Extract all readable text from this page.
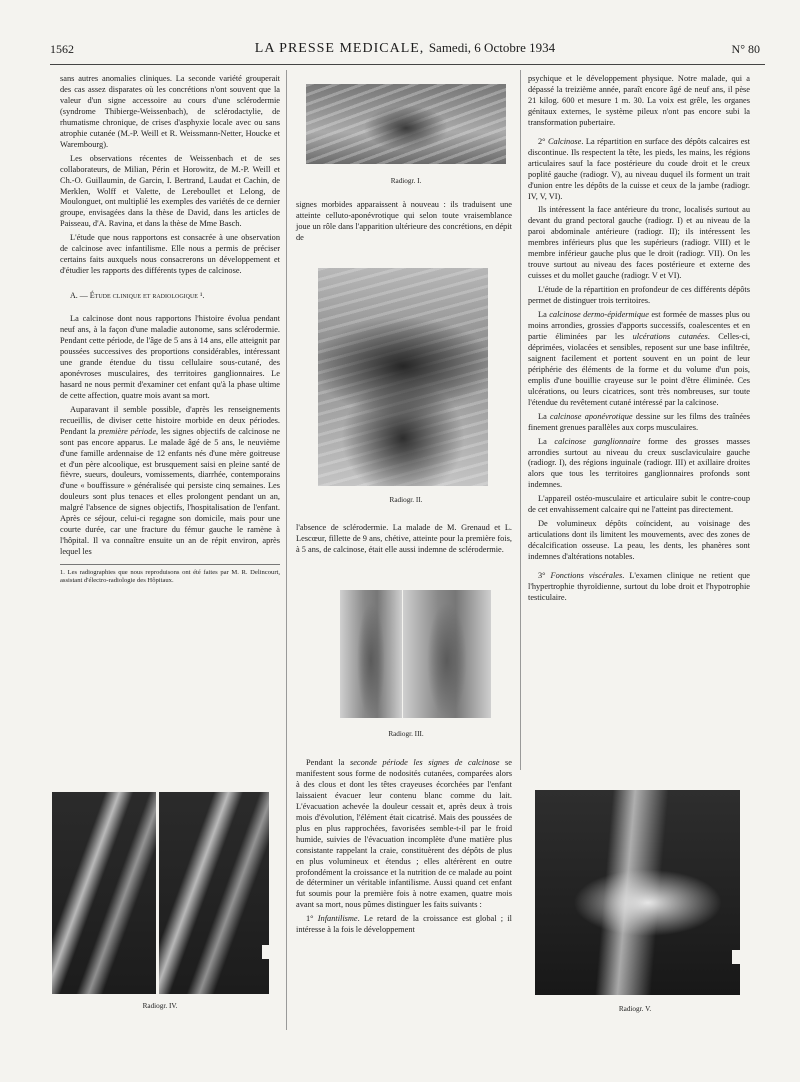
1562	LA PRESSE MEDICALE, Samedi, 6 Octobre 1934	N° 80

sans autres anomalies cliniques. La seconde variété grouperait des cas assez disparates où les concrétions n'ont souvent que la valeur d'un signe accessoire au cours d'une sclérodermie (syndrome Thibierge-Weissenbach), de sclérodactylie, de rhumatisme chronique, de crises d'asphyxie locale avec ou sans atrophie cutanée (M.-P. Weill et R. Weissmann-Netter, Houcke et Warembourg).

Les observations récentes de Weissenbach et de ses collaborateurs, de Milian, Périn et Horowitz, de M.-P. Weill et Ch.-O. Guillaumin, de Garcin, I. Bertrand, Laudat et Cachin, de Merklen, Wolff et Valette, de Lereboullet et Lelong, de Moulonguet, ont multiplié les exemples des variétés de ce dernier groupe, envisagées dans la thèse de David, dans les articles de Paisseau, d'A. Ravina, et dans la thèse de Mme Basch.

L'étude que nous rapportons est consacrée à une observation de calcinose avec infantilisme. Elle nous a permis de préciser certains faits auxquels nous consacrerons un développement et d'étudier les rapports des différents types de calcinose.

A. — Étude clinique et radiologique ¹.

La calcinose dont nous rapportons l'histoire évolua pendant neuf ans, à la façon d'une maladie autonome, sans sclérodermie. Pendant cette période, de l'âge de 5 ans à 14 ans, elle atteignit par poussées successives des proportions considérables, intéressant une grande étendue du tissu cellulaire sous-cutané, des aponévroses musculaires, des territoires ganglionnaires. Le hasard ne nous permit d'examiner cet enfant qu'à la phase ultime de cette affection, quatre mois avant sa mort.

Auparavant il semble possible, d'après les renseignements recueillis, de diviser cette histoire morbide en deux périodes. Pendant la première période, les signes objectifs de calcinose ne sont pas encore apparus. Le malade âgé de 5 ans, le neuvième d'une famille ardennaise de 12 enfants nés d'une mère goitreuse et d'un père alcoolique, est brusquement saisi en pleine santé de fièvre, sueurs, douleurs, vomissements, diarrhée, contemporains d'une « bouffissure » généralisée qui persiste cinq semaines. Les douleurs sont plus tenaces et elles prolongent pendant un an, malgré l'absence de signes objectifs, l'hospitalisation de l'enfant. Après ce séjour, celui-ci regagne son domicile, mais pour une courte durée, car une fracture du fémur gauche le ramène à l'hôpital. Il va connaître ensuite un an de répit environ, après lequel les

1. Les radiographies que nous reproduisons ont été faites par M. R. Delincourt, assistant d'électro-radiologie des Hôpitaux.
Radiogr. I.

signes morbides apparaissent à nouveau : ils traduisent une atteinte celluto-aponévrotique qui selon toute vraisemblance joue un rôle dans l'apparition ultérieure des concrétions, en dépit de

Radiogr. II.

l'absence de sclérodermie. La malade de M. Grenaud et L. Lescœur, fillette de 9 ans, chétive, atteinte pour la première fois, à 5 ans, de calcinose, était elle aussi indemne de sclérodermie.

Radiogr. III.

Pendant la seconde période les signes de calcinose se manifestent sous forme de nodosités cutanées, comparées alors à des clous et dont les têtes crayeuses écorchées par l'enfant laissaient évacuer leur contenu blanc comme du lait. L'évacuation achevée la douleur cessait et, après deux à trois mois d'évolution, l'élément était cicatrisé. Mais des poussées de plus en plus rapprochées, favorisées semble-t-il par le froid humide, suivies de l'évacuation incomplète d'une matière plus consistante rappelant la craie, constituèrent des dépôts de plus en plus volumineux et étendus ; elles altérèrent en outre profondément la croissance et la nutrition de ce malade au point de déterminer un véritable infantilisme. Aussi quand cet enfant fut soumis pour la première fois à notre examen, quatre mois avant sa mort, nous pûmes distinguer les faits suivants :

1° Infantilisme. Le retard de la croissance est global ; il intéresse à la fois le développement

psychique et le développement physique. Notre malade, qui a dépassé la treizième année, paraît encore âgé de neuf ans, il pèse 21 kilog. 600 et mesure 1 m. 30. La voix est grêle, les organes génitaux externes, le système pileux n'ont pas encore subi la transformation pubertaire.

2° Calcinose. La répartition en surface des dépôts calcaires est discontinue. Ils respectent la tête, les pieds, les mains, les régions articulaires sauf la face postérieure du coude droit et le creux poplité gauche (radiogr. V), au niveau duquel ils forment un trait d'union entre les dépôts de la cuisse et ceux de la jambe (radiogr. IV, V, VI).

Ils intéressent la face antérieure du tronc, localisés surtout au devant du grand pectoral gauche (radiogr. I) et au niveau de la paroi abdominale antérieure (radiogr. II); ils intéressent les membres inférieurs plus que les supérieurs (radiogr. VIII) et le membre inférieur gauche plus que le droit (radiogr. VII). On les trouve surtout au niveau des faces postérieure et externe des cuisses et du mollet gauche (radiogr. V et VI).

L'étude de la répartition en profondeur de ces différents dépôts permet de distinguer trois territoires.

La calcinose dermo-épidermique est formée de masses plus ou moins arrondies, grossies d'apports successifs, coalescentes et en partie éliminées par les ulcérations cutanées. Celles-ci, déprimées, violacées et sensibles, reposent sur une base infiltrée, saignent facilement et portent souvent en un point de leur périphérie des éléments de la forme et du volume d'un pois, emplis d'une bouillie crayeuse sur le point d'être éliminée. Ces ulcérations, ou leurs cicatrices, sont très nombreuses, sur toute l'étendue du revêtement cutané intéressé par la calcinose.

La calcinose aponévrotique dessine sur les films des traînées finement grenues parallèles aux corps musculaires.

La calcinose ganglionnaire forme des grosses masses arrondies surtout au niveau du creux susclaviculaire gauche (radiogr. I), des régions inguinale (radiogr. III) et axillaire droites alors que tous les territoires ganglionnaires profonds sont indemnes.

L'appareil ostéo-musculaire et articulaire subit le contre-coup de cet envahissement calcaire qui ne l'atteint pas directement.

De volumineux dépôts coïncident, au voisinage des articulations dont ils limitent les mouvements, avec des zones de décalcification osseuse. La peau, les dents, les phanères sont indemnes d'altérations notables.

3° Fonctions viscérales. L'examen clinique ne retient que l'hypertrophie thyroïdienne, surtout du lobe droit et l'hypotrophie testiculaire.

Radiogr. IV.	Radiogr. V.
